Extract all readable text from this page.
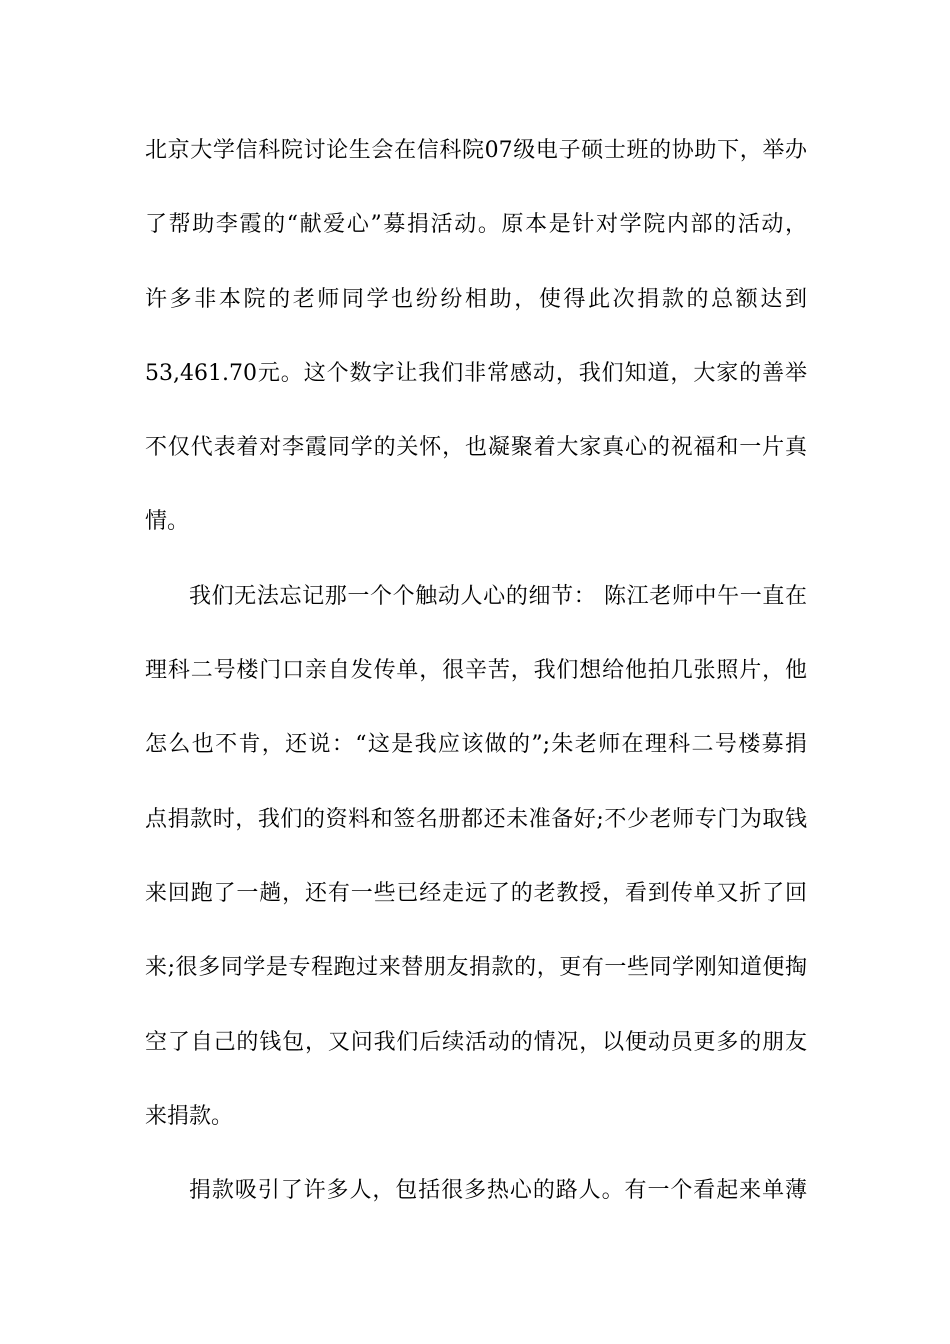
北京大学信科院讨论生会在信科院07级电子硕士班的协助下，举办
了帮助李霞的“献爱心”募捐活动。原本是针对学院内部的活动，
许多非本院的老师同学也纷纷相助，使得此次捐款的总额达到
53,461.70元。这个数字让我们非常感动，我们知道，大家的善举
不仅代表着对李霞同学的关怀，也凝聚着大家真心的祝福和一片真
情。
我们无法忘记那一个个触动人心的细节： 陈江老师中午一直在
理科二号楼门口亲自发传单，很辛苦，我们想给他拍几张照片，他
怎么也不肯，还说：“这是我应该做的”;朱老师在理科二号楼募捐
点捐款时，我们的资料和签名册都还未准备好;不少老师专门为取钱
来回跑了一趟，还有一些已经走远了的老教授，看到传单又折了回
来;很多同学是专程跑过来替朋友捐款的，更有一些同学刚知道便掏
空了自己的钱包，又问我们后续活动的情况，以便动员更多的朋友
来捐款。
捐款吸引了许多人，包括很多热心的路人。有一个看起来单薄
